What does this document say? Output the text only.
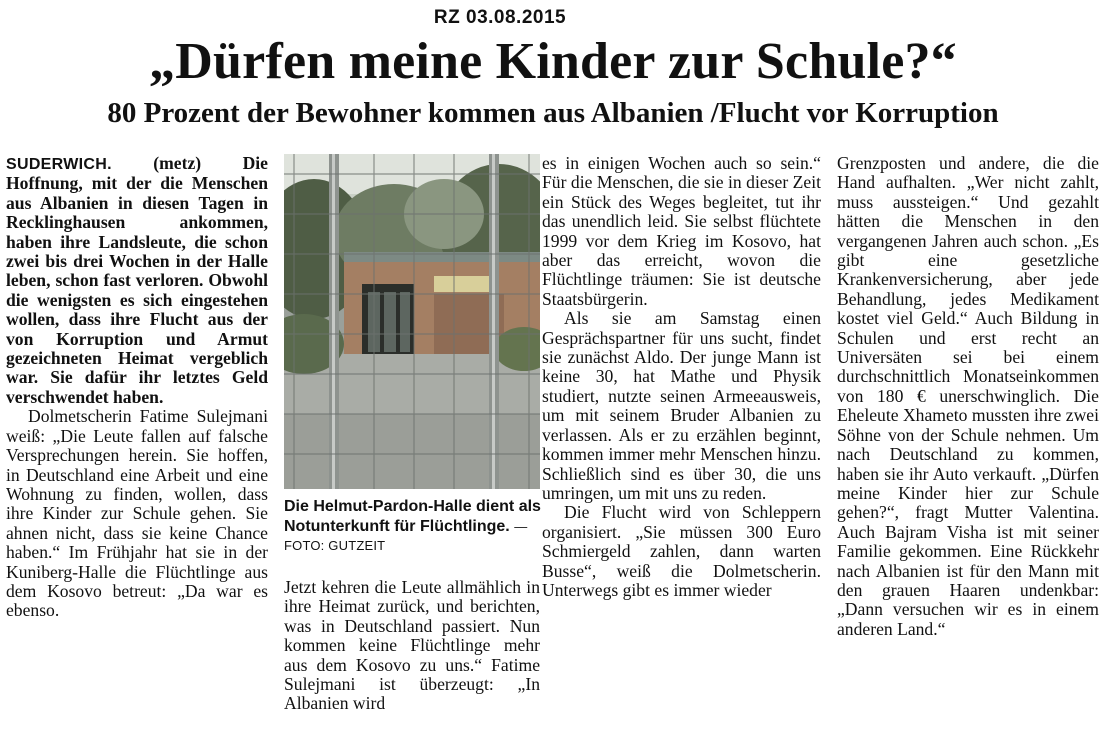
RZ 03.08.2015
„Dürfen meine Kinder zur Schule?“
80 Prozent der Bewohner kommen aus Albanien /Flucht vor Korruption

SUDERWICH. (metz) Die Hoffnung, mit der die Menschen aus Albanien in diesen Tagen in Recklinghausen ankommen, haben ihre Landsleute, die schon zwei bis drei Wochen in der Halle leben, schon fast verloren. Obwohl die wenigsten es sich eingestehen wollen, dass ihre Flucht aus der von Korruption und Armut gezeichneten Heimat vergeblich war. Sie dafür ihr letztes Geld verschwendet haben.

Dolmetscherin Fatime Sulejmani weiß: „Die Leute fallen auf falsche Versprechungen herein. Sie hoffen, in Deutschland eine Arbeit und eine Wohnung zu finden, wollen, dass ihre Kinder zur Schule gehen. Sie ahnen nicht, dass sie keine Chance haben.“ Im Frühjahr hat sie in der Kuniberg-Halle die Flüchtlinge aus dem Kosovo betreut: „Da war es ebenso.

Die Helmut-Pardon-Halle dient als Notunterkunft für Flüchtlinge. —FOTO: GUTZEIT

Jetzt kehren die Leute allmählich in ihre Heimat zurück, und berichten, was in Deutschland passiert. Nun kommen keine Flüchtlinge mehr aus dem Kosovo zu uns.“ Fatime Sulejmani ist überzeugt: „In Albanien wird

es in einigen Wochen auch so sein.“ Für die Menschen, die sie in dieser Zeit ein Stück des Weges begleitet, tut ihr das unendlich leid. Sie selbst flüchtete 1999 vor dem Krieg im Kosovo, hat aber das erreicht, wovon die Flüchtlinge träumen: Sie ist deutsche Staatsbürgerin.

Als sie am Samstag einen Gesprächspartner für uns sucht, findet sie zunächst Aldo. Der junge Mann ist keine 30, hat Mathe und Physik studiert, nutzte seinen Armeeausweis, um mit seinem Bruder Albanien zu verlassen. Als er zu erzählen beginnt, kommen immer mehr Menschen hinzu. Schließlich sind es über 30, die uns umringen, um mit uns zu reden.

Die Flucht wird von Schleppern organisiert. „Sie müssen 300 Euro Schmiergeld zahlen, dann warten Busse“, weiß die Dolmetscherin. Unterwegs gibt es immer wieder

Grenzposten und andere, die die Hand aufhalten. „Wer nicht zahlt, muss aussteigen.“ Und gezahlt hätten die Menschen in den vergangenen Jahren auch schon. „Es gibt eine gesetzliche Krankenversicherung, aber jede Behandlung, jedes Medikament kostet viel Geld.“ Auch Bildung in Schulen und erst recht an Universäten sei bei einem durchschnittlich Monatseinkommen von 180 € unerschwinglich. Die Eheleute Xhameto mussten ihre zwei Söhne von der Schule nehmen. Um nach Deutschland zu kommen, haben sie ihr Auto verkauft. „Dürfen meine Kinder hier zur Schule gehen?“, fragt Mutter Valentina. Auch Bajram Visha ist mit seiner Familie gekommen. Eine Rückkehr nach Albanien ist für den Mann mit den grauen Haaren undenkbar: „Dann versuchen wir es in einem anderen Land.“
